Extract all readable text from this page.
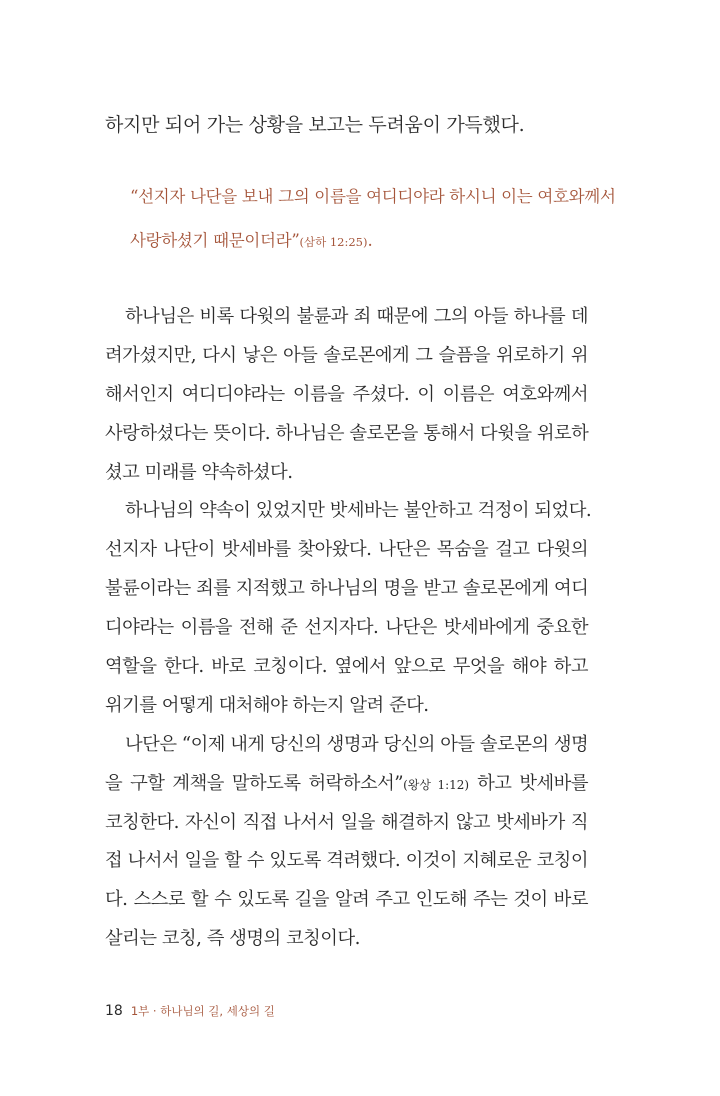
하지만 되어 가는 상황을 보고는 두려움이 가득했다.
“선지자 나단을 보내 그의 이름을 여디디야라 하시니 이는 여호와께서
사랑하셨기 때문이더라”(삼하 12:25).
하나님은 비록 다윗의 불륜과 죄 때문에 그의 아들 하나를 데
려가셨지만, 다시 낳은 아들 솔로몬에게 그 슬픔을 위로하기 위
해서인지 여디디야라는 이름을 주셨다. 이 이름은 여호와께서
사랑하셨다는 뜻이다. 하나님은 솔로몬을 통해서 다윗을 위로하
셨고 미래를 약속하셨다.
하나님의 약속이 있었지만 밧세바는 불안하고 걱정이 되었다.
선지자 나단이 밧세바를 찾아왔다. 나단은 목숨을 걸고 다윗의
불륜이라는 죄를 지적했고 하나님의 명을 받고 솔로몬에게 여디
디야라는 이름을 전해 준 선지자다. 나단은 밧세바에게 중요한
역할을 한다. 바로 코칭이다. 옆에서 앞으로 무엇을 해야 하고
위기를 어떻게 대처해야 하는지 알려 준다.
나단은 “이제 내게 당신의 생명과 당신의 아들 솔로몬의 생명
을 구할 계책을 말하도록 허락하소서”(왕상 1:12) 하고 밧세바를
코칭한다. 자신이 직접 나서서 일을 해결하지 않고 밧세바가 직
접 나서서 일을 할 수 있도록 격려했다. 이것이 지혜로운 코칭이
다. 스스로 할 수 있도록 길을 알려 주고 인도해 주는 것이 바로
살리는 코칭, 즉 생명의 코칭이다.
18 1부 · 하나님의 길, 세상의 길
